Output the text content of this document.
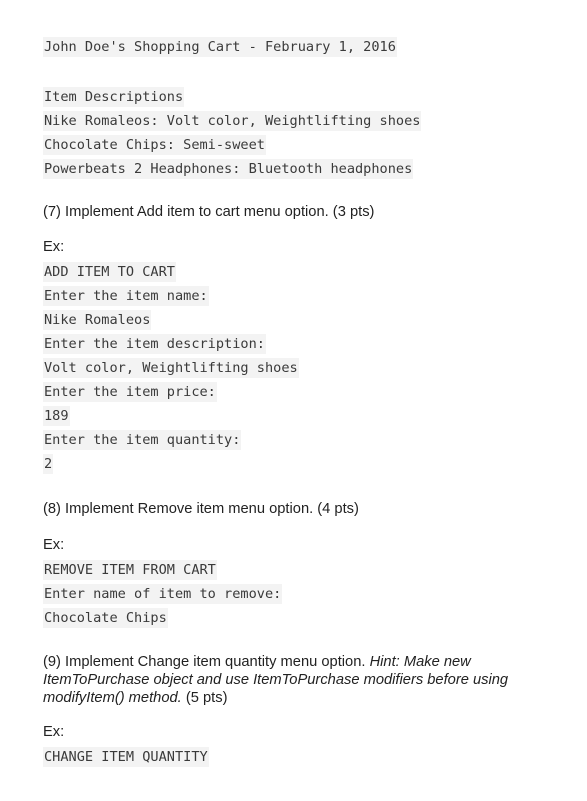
John Doe's Shopping Cart - February 1, 2016
Item Descriptions
Nike Romaleos: Volt color, Weightlifting shoes
Chocolate Chips: Semi-sweet
Powerbeats 2 Headphones: Bluetooth headphones

(7) Implement Add item to cart menu option. (3 pts)

Ex:

ADD ITEM TO CART
Enter the item name:
Nike Romaleos
Enter the item description:
Volt color, Weightlifting shoes
Enter the item price:
189
Enter the item quantity:
2

(8) Implement Remove item menu option. (4 pts)

Ex:

REMOVE ITEM FROM CART
Enter name of item to remove:
Chocolate Chips

(9) Implement Change item quantity menu option. Hint: Make new ItemToPurchase object and use ItemToPurchase modifiers before using modifyItem() method. (5 pts)

Ex:

CHANGE ITEM QUANTITY
